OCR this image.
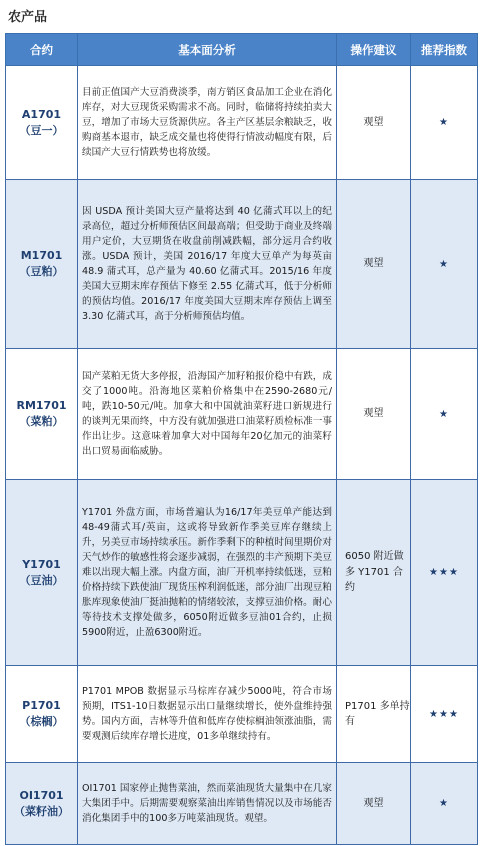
农产品
合约	基本面分析	操作建议	推荐指数

A1701
（豆一）	目前正值国产大豆消费淡季，南方销区食品加工企业在消化库存，对大豆现货采购需求不高。同时，临储将持续拍卖大豆，增加了市场大豆货源供应。各主产区基层余粮缺乏，收购商基本退市，缺乏成交量也将使得行情波动幅度有限，后续国产大豆行情跌势也将放缓。	观望	★

M1701
（豆粕）	因 USDA 预计美国大豆产量将达到 40 亿蒲式耳以上的纪录高位，超过分析师预估区间最高端；但受助于商业及终端用户定价，大豆期货在收盘前削减跌幅，部分远月合约收涨。USDA 预计，美国 2016/17 年度大豆单产为每英亩 48.9 蒲式耳，总产量为 40.60 亿蒲式耳。2015/16 年度美国大豆期末库存预估下修至 2.55 亿蒲式耳，低于分析师的预估均值。2016/17 年度美国大豆期末库存预估上调至 3.30 亿蒲式耳，高于分析师预估均值。	观望	★

RM1701
（菜粕）	国产菜粕无货大多停报，沿海国产加籽粕报价稳中有跌，成交了1000吨。沿海地区菜粕价格集中在2590-2680元/吨，跌10-50元/吨。加拿大和中国就油菜籽进口新规进行的谈判无果而终，中方没有就加强进口油菜籽质检标准一事作出让步。这意味着加拿大对中国每年20亿加元的油菜籽出口贸易面临威胁。	观望	★

Y1701
（豆油）	Y1701 外盘方面，市场普遍认为16/17年美豆单产能达到48-49蒲式耳/英亩，这或将导致新作季美豆库存继续上升，另美豆市场持续承压。新作季剩下的种植时间里期价对天气炒作的敏感性将会逐步减弱，在强烈的丰产预期下美豆难以出现大幅上涨。内盘方面，油厂开机率持续低迷，豆粕价格持续下跌使油厂现货压榨利润低迷，部分油厂出现豆粕胀库现象使油厂挺油抛粕的情绪较浓，支撑豆油价格。耐心等待技术支撑处做多，6050附近做多豆油01合约，止损5900附近，止盈6300附近。	6050 附近做多 Y1701 合约	★★★

P1701
（棕榈）	P1701 MPOB 数据显示马棕库存减少5000吨，符合市场预期，ITS1-10日数据显示出口量继续增长，使外盘维持强势。国内方面，吉林等升值和低库存使棕榈油领涨油脂，需要观测后续库存增长进度，01多单继续持有。	P1701 多单持有	★★★

OI1701
（菜籽油）	OI1701 国家停止抛售菜油，然而菜油现货大量集中在几家大集团手中。后期需要观察菜油出库销售情况以及市场能否消化集团手中的100多万吨菜油现货。观望。	观望	★
